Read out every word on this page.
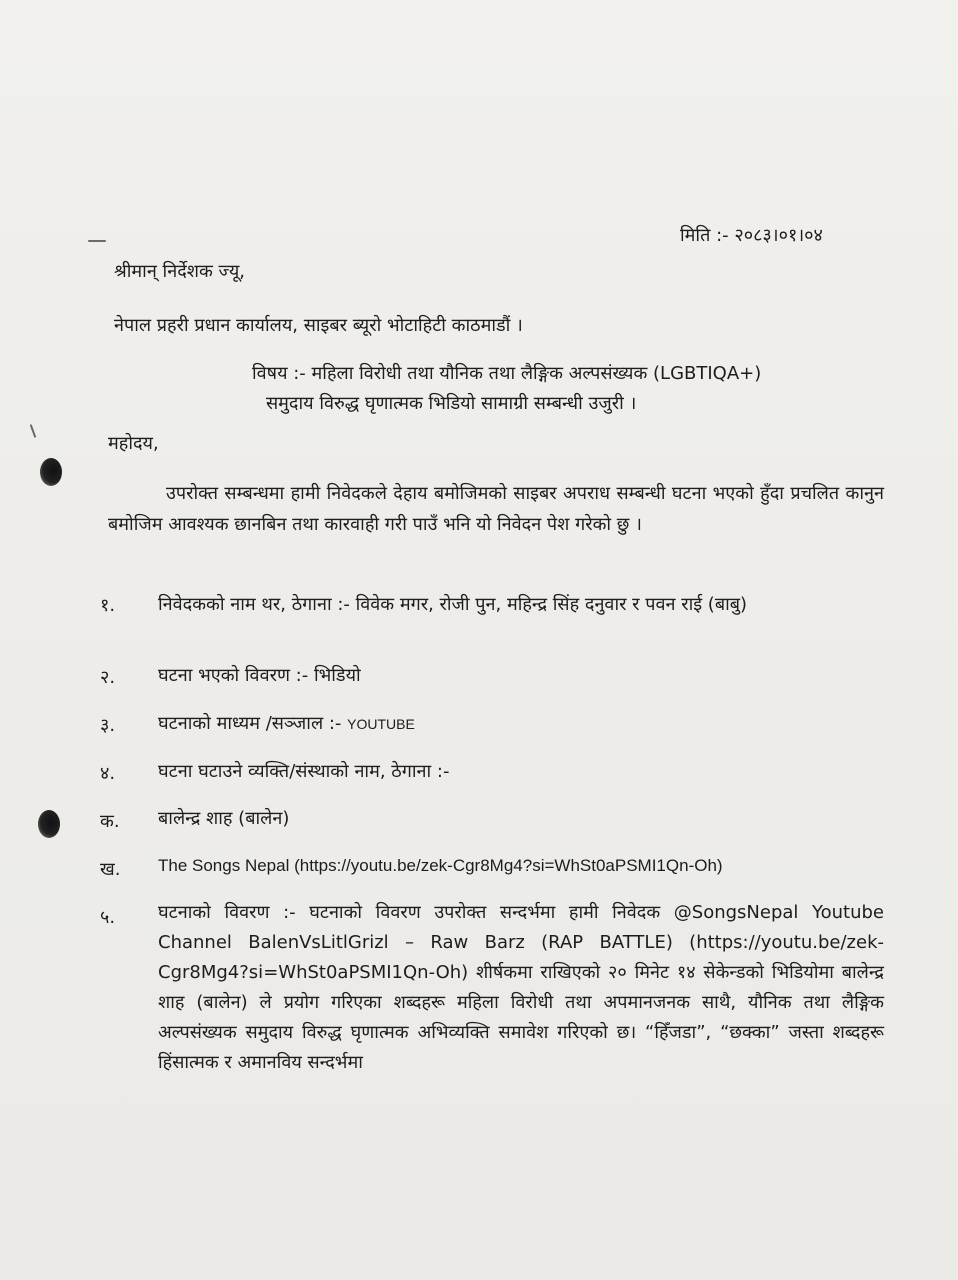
मिति :- २०८३।०१।०४
श्रीमान् निर्देशक ज्यू,
नेपाल प्रहरी प्रधान कार्यालय, साइबर ब्यूरो भोटाहिटी काठमाडौं ।
विषय :- महिला विरोधी तथा यौनिक तथा लैङ्गिक अल्पसंख्यक (LGBTIQA+)
समुदाय विरुद्ध घृणात्मक भिडियो सामाग्री सम्बन्धी उजुरी ।
महोदय,
उपरोक्त सम्बन्धमा हामी निवेदकले देहाय बमोजिमको साइबर अपराध सम्बन्धी घटना भएको हुँदा प्रचलित कानुन बमोजिम आवश्यक छानबिन तथा कारवाही गरी पाउँ भनि यो निवेदन पेश गरेको छु ।
१. निवेदकको नाम थर, ठेगाना :- विवेक मगर, रोजी पुन, महिन्द्र सिंह दनुवार र पवन राई (बाबु)
२. घटना भएको विवरण :- भिडियो
३. घटनाको माध्यम /सञ्जाल :- YOUTUBE
४. घटना घटाउने व्यक्ति/संस्थाको नाम, ठेगाना :-
क. बालेन्द्र शाह (बालेन)
ख. The Songs Nepal (https://youtu.be/zek-Cgr8Mg4?si=WhSt0aPSMI1Qn-Oh)
५. घटनाको विवरण :- घटनाको विवरण उपरोक्त सन्दर्भमा हामी निवेदक @SongsNepal Youtube Channel BalenVsLitlGrizl – Raw Barz (RAP BATTLE) (https://youtu.be/zek-Cgr8Mg4?si=WhSt0aPSMI1Qn-Oh) शीर्षकमा राखिएको २० मिनेट १४ सेकेन्डको भिडियोमा बालेन्द्र शाह (बालेन) ले प्रयोग गरिएका शब्दहरू महिला विरोधी तथा अपमानजनक साथै, यौनिक तथा लैङ्गिक अल्पसंख्यक समुदाय विरुद्ध घृणात्मक अभिव्यक्ति समावेश गरिएको छ। “हिँजडा”, “छक्का” जस्ता शब्दहरू हिंसात्मक र अमानविय सन्दर्भमा
